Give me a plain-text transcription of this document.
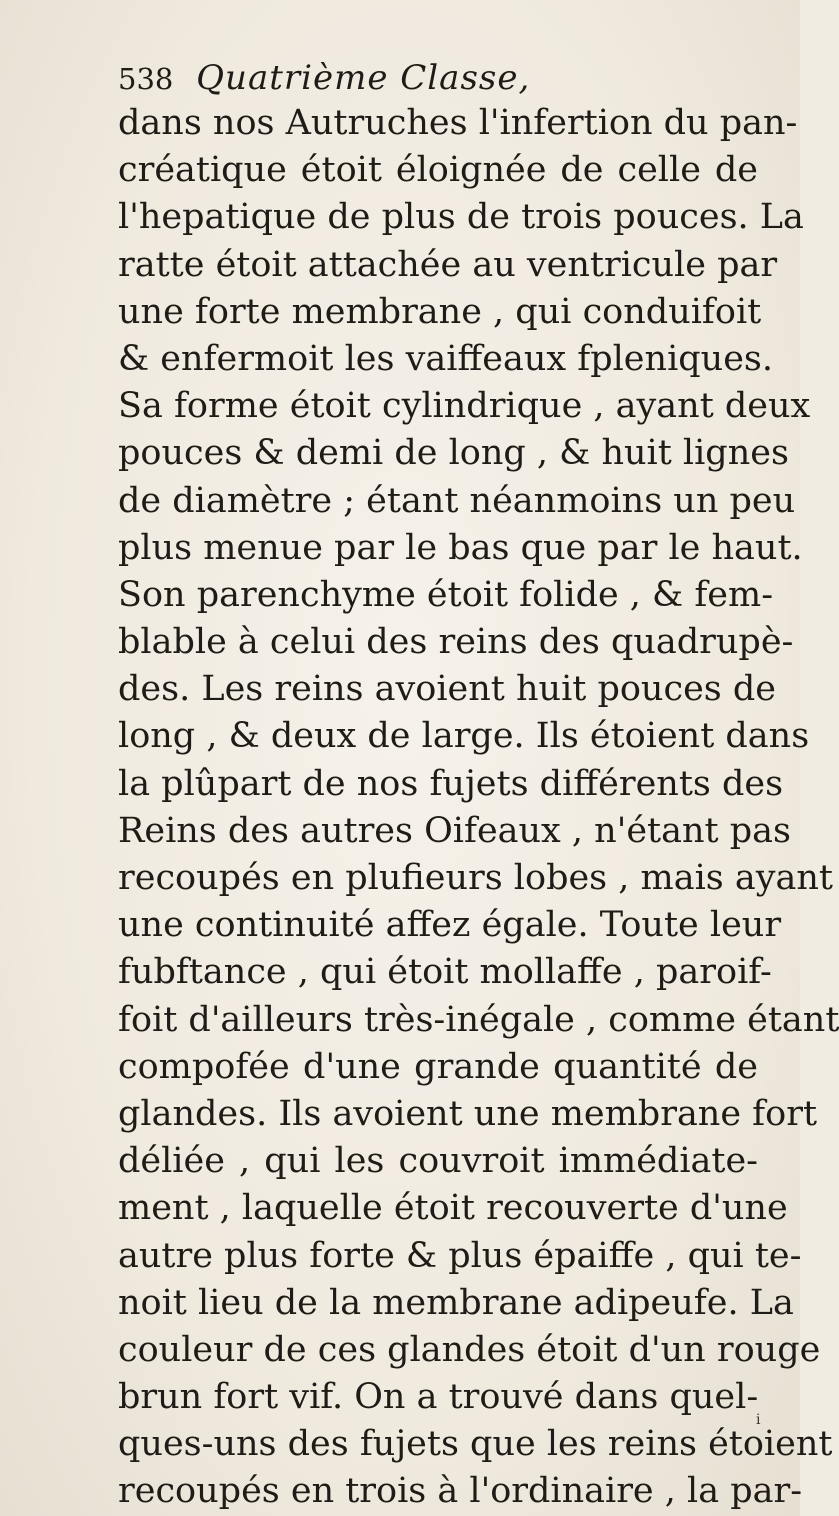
538 Quatrième Classe,
dans nos Autruches l'infertion du pan-
créatique étoit éloignée de celle de
l'hepatique de plus de trois pouces. La
ratte étoit attachée au ventricule par
une forte membrane , qui conduifoit
& enfermoit les vaiffeaux fpleniques.
Sa forme étoit cylindrique , ayant deux
pouces & demi de long , & huit lignes
de diamètre ; étant néanmoins un peu
plus menue par le bas que par le haut.
Son parenchyme étoit folide , & fem-
blable à celui des reins des quadrupè-
des. Les reins avoient huit pouces de
long , & deux de large. Ils étoient dans
la plûpart de nos fujets différents des
Reins des autres Oifeaux , n'étant pas
recoupés en plufieurs lobes , mais ayant
une continuité affez égale. Toute leur
fubftance , qui étoit mollaffe , paroif-
foit d'ailleurs très-inégale , comme étant
compofée d'une grande quantité de
glandes. Ils avoient une membrane fort
déliée , qui les couvroit immédiate-
ment , laquelle étoit recouverte d'une
autre plus forte & plus épaiffe , qui te-
noit lieu de la membrane adipeufe. La
couleur de ces glandes étoit d'un rouge
brun fort vif. On a trouvé dans quel-
ques-uns des fujets que les reins étoient
recoupés en trois à l'ordinaire , la par-
i
